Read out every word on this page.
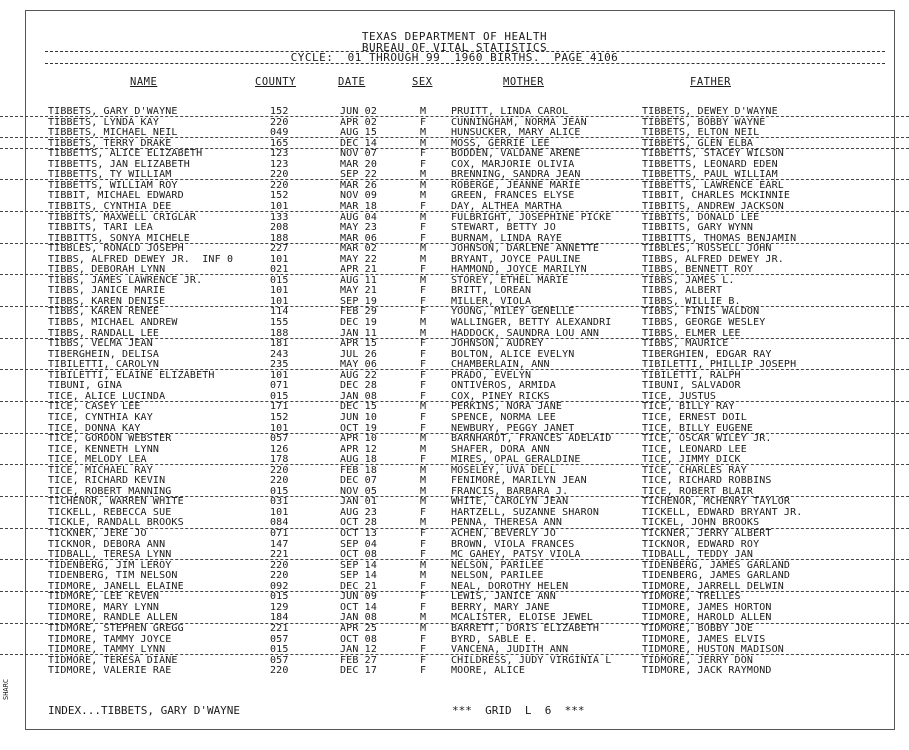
TEXAS DEPARTMENT OF HEALTH
BUREAU OF VITAL STATISTICS
CYCLE:  01 THROUGH 99  1960 BIRTHS.  PAGE 4106
NAME	COUNTY	DATE	SEX	MOTHER	FATHER
TIBBETS, GARY D'WAYNE	152	JUN 02	M PRUITT, LINDA CAROL	TIBBETS, DEWEY D'WAYNE
TIBBETS, LYNDA KAY	220	APR 02	F CUNNINGHAM, NORMA JEAN	TIBBETS, BOBBY WAYNE
TIBBETS, MICHAEL NEIL	049	AUG 15	M HUNSUCKER, MARY ALICE	TIBBETS, ELTON NEIL
TIBBETS, TERRY DRAKE	165	DEC 14	M MOSS, GERRIE LEE	TIBBETS, GLEN ELBA
TIBBETTS, ALICE ELIZABETH	123	NOV 07	F BODDEN, VALDANE ARENE	TIBBETTS, STACEY WILSON
TIBBETTS, JAN ELIZABETH	123	MAR 20	F COX, MARJORIE OLIVIA	TIBBETTS, LEONARD EDEN
TIBBETTS, TY WILLIAM	220	SEP 22	M BRENNING, SANDRA JEAN	TIBBETTS, PAUL WILLIAM
TIBBETTS, WILLIAM ROY	220	MAR 26	M ROBERGE, JEANNE MARIE	TIBBETTS, LAWRENCE EARL
TIBBIT, MICHAEL EDWARD	152	NOV 09	M GREEN, FRANCES ELYSE	TIBBIT, CHARLES MCKINNIE
TIBBITS, CYNTHIA DEE	101	MAR 18	F DAY, ALTHEA MARTHA	TIBBITS, ANDREW JACKSON
TIBBITS, MAXWELL CRIGLAR	133	AUG 04	M FULBRIGHT, JOSEPHINE PICKE	TIBBITS, DONALD LEE
TIBBITS, TARI LEA	208	MAY 23	F STEWART, BETTY JO	TIBBITS, GARY WYNN
TIBBITTS, SONYA MICHELE	188	MAR 06	F BURNAM, LINDA RAYE	TIBBITTS, THOMAS BENJAMIN
TIBBLES, RONALD JOSEPH	227	MAR 02	M JOHNSON, DARLENE ANNETTE	TIBBLES, RUSSELL JOHN
TIBBS, ALFRED DEWEY JR.  INF 0	101	MAY 22	M BRYANT, JOYCE PAULINE	TIBBS, ALFRED DEWEY JR.
TIBBS, DEBORAH LYNN	021	APR 21	F HAMMOND, JOYCE MARILYN	TIBBS, BENNETT ROY
TIBBS, JAMES LAWRENCE JR.	015	AUG 11	M STOREY, ETHEL MARIE	TIBBS, JAMES L.
TIBBS, JANICE MARIE	101	MAY 21	F BRITT, LOREAN	TIBBS, ALBERT
TIBBS, KAREN DENISE	101	SEP 19	F MILLER, VIOLA	TIBBS, WILLIE B.
TIBBS, KAREN RENEE	114	FEB 29	F YOUNG, MILEY GENELLE	TIBBS, FINIS WALDON
TIBBS, MICHAEL ANDREW	155	DEC 19	M WALLINGER, BETTY ALEXANDRI	TIBBS, GEORGE WESLEY
TIBBS, RANDALL LEE	188	JAN 11	M HADDOCK, SAUNDRA LOU ANN	TIBBS, ELMER LEE
TIBBS, VELMA JEAN	181	APR 15	F JOHNSON, AUDREY	TIBBS, MAURICE
TIBERGHEIN, DELISA	243	JUL 26	F BOLTON, ALICE EVELYN	TIBERGHIEN, EDGAR RAY
TIBILETTI, CAROLYN	235	MAY 06	F CHAMBERLAIN, ANN	TIBILETTI, PHILLIP JOSEPH
TIBILETTI, ELAINE ELIZABETH	101	AUG 22	F PRADO, EVELYN	TIBILETTI, RALPH
TIBUNI, GINA	071	DEC 28	F ONTIVEROS, ARMIDA	TIBUNI, SALVADOR
TICE, ALICE LUCINDA	015	JAN 08	F COX, PINEY RICKS	TICE, JUSTUS
TICE, CASEY LEE	171	DEC 15	M PERKINS, NORA JANE	TICE, BILLY RAY
TICE, CYNTHIA KAY	152	JUN 10	F SPENCE, NORMA LEE	TICE, ERNEST DOIL
TICE, DONNA KAY	101	OCT 19	F NEWBURY, PEGGY JANET	TICE, BILLY EUGENE
TICE, GORDON WEBSTER	057	APR 10	M BARNHARDT, FRANCES ADELAID	TICE, OSCAR WILEY JR.
TICE, KENNETH LYNN	126	APR 12	M SHAFER, DORA ANN	TICE, LEONARD LEE
TICE, MELODY LEA	178	AUG 18	F MIRES, OPAL GERALDINE	TICE, JIMMY DICK
TICE, MICHAEL RAY	220	FEB 18	M MOSELEY, UVA DELL	TICE, CHARLES RAY
TICE, RICHARD KEVIN	220	DEC 07	M FENIMORE, MARILYN JEAN	TICE, RICHARD ROBBINS
TICE, ROBERT MANNING	015	NOV 05	M FRANCIS, BARBARA J.	TICE, ROBERT BLAIR
TICHENOR, WARREN WHITE	031	JAN 01	M WHITE, CAROLYN JEAN	TICHENOR, MCHENRY TAYLOR
TICKELL, REBECCA SUE	101	AUG 23	F HARTZELL, SUZANNE SHARON	TICKELL, EDWARD BRYANT JR.
TICKLE, RANDALL BROOKS	084	OCT 28	M PENNA, THERESA ANN	TICKEL, JOHN BROOKS
TICKNER, JERE JO	071	OCT 13	F ACHEN, BEVERLY JO	TICKNER, JERRY ALBERT
TICKNOR, DEBORA ANN	147	SEP 04	F BROWN, VIOLA FRANCES	TICKNOR, EDWARD ROY
TIDBALL, TERESA LYNN	221	OCT 08	F MC GAHEY, PATSY VIOLA	TIDBALL, TEDDY JAN
TIDENBERG, JIM LEROY	220	SEP 14	M NELSON, PARILEE	TIDENBERG, JAMES GARLAND
TIDENBERG, TIM NELSON	220	SEP 14	M NELSON, PARILEE	TIDENBERG, JAMES GARLAND
TIDMORE, JANELL ELAINE	092	DEC 21	F NEAL, DOROTHY HELEN	TIDMORE, JARRELL DELWIN
TIDMORE, LEE KEVEN	015	JUN 09	F LEWIS, JANICE ANN	TIDMORE, TRELLES
TIDMORE, MARY LYNN	129	OCT 14	F BERRY, MARY JANE	TIDMORE, JAMES HORTON
TIDMORE, RANDLE ALLEN	184	JAN 08	M MCALISTER, ELOISE JEWEL	TIDMORE, HAROLD ALLEN
TIDMORE, STEPHEN GREGG	221	APR 25	M BARRETT, DORIS ELIZABETH	TIDMORE, BOBBY JOE
TIDMORE, TAMMY JOYCE	057	OCT 08	F BYRD, SABLE E.	TIDMORE, JAMES ELVIS
TIDMORE, TAMMY LYNN	015	JAN 12	F VANCENA, JUDITH ANN	TIDMORE, HUSTON MADISON
TIDMORE, TERESA DIANE	057	FEB 27	F CHILDRESS, JUDY VIRGINIA L	TIDMORE, JERRY DON
TIDMORE, VALERIE RAE	220	DEC 17	F MOORE, ALICE	TIDMORE, JACK RAYMOND
INDEX...TIBBETS, GARY D'WAYNE	***  GRID  L  6  ***
SHARC
